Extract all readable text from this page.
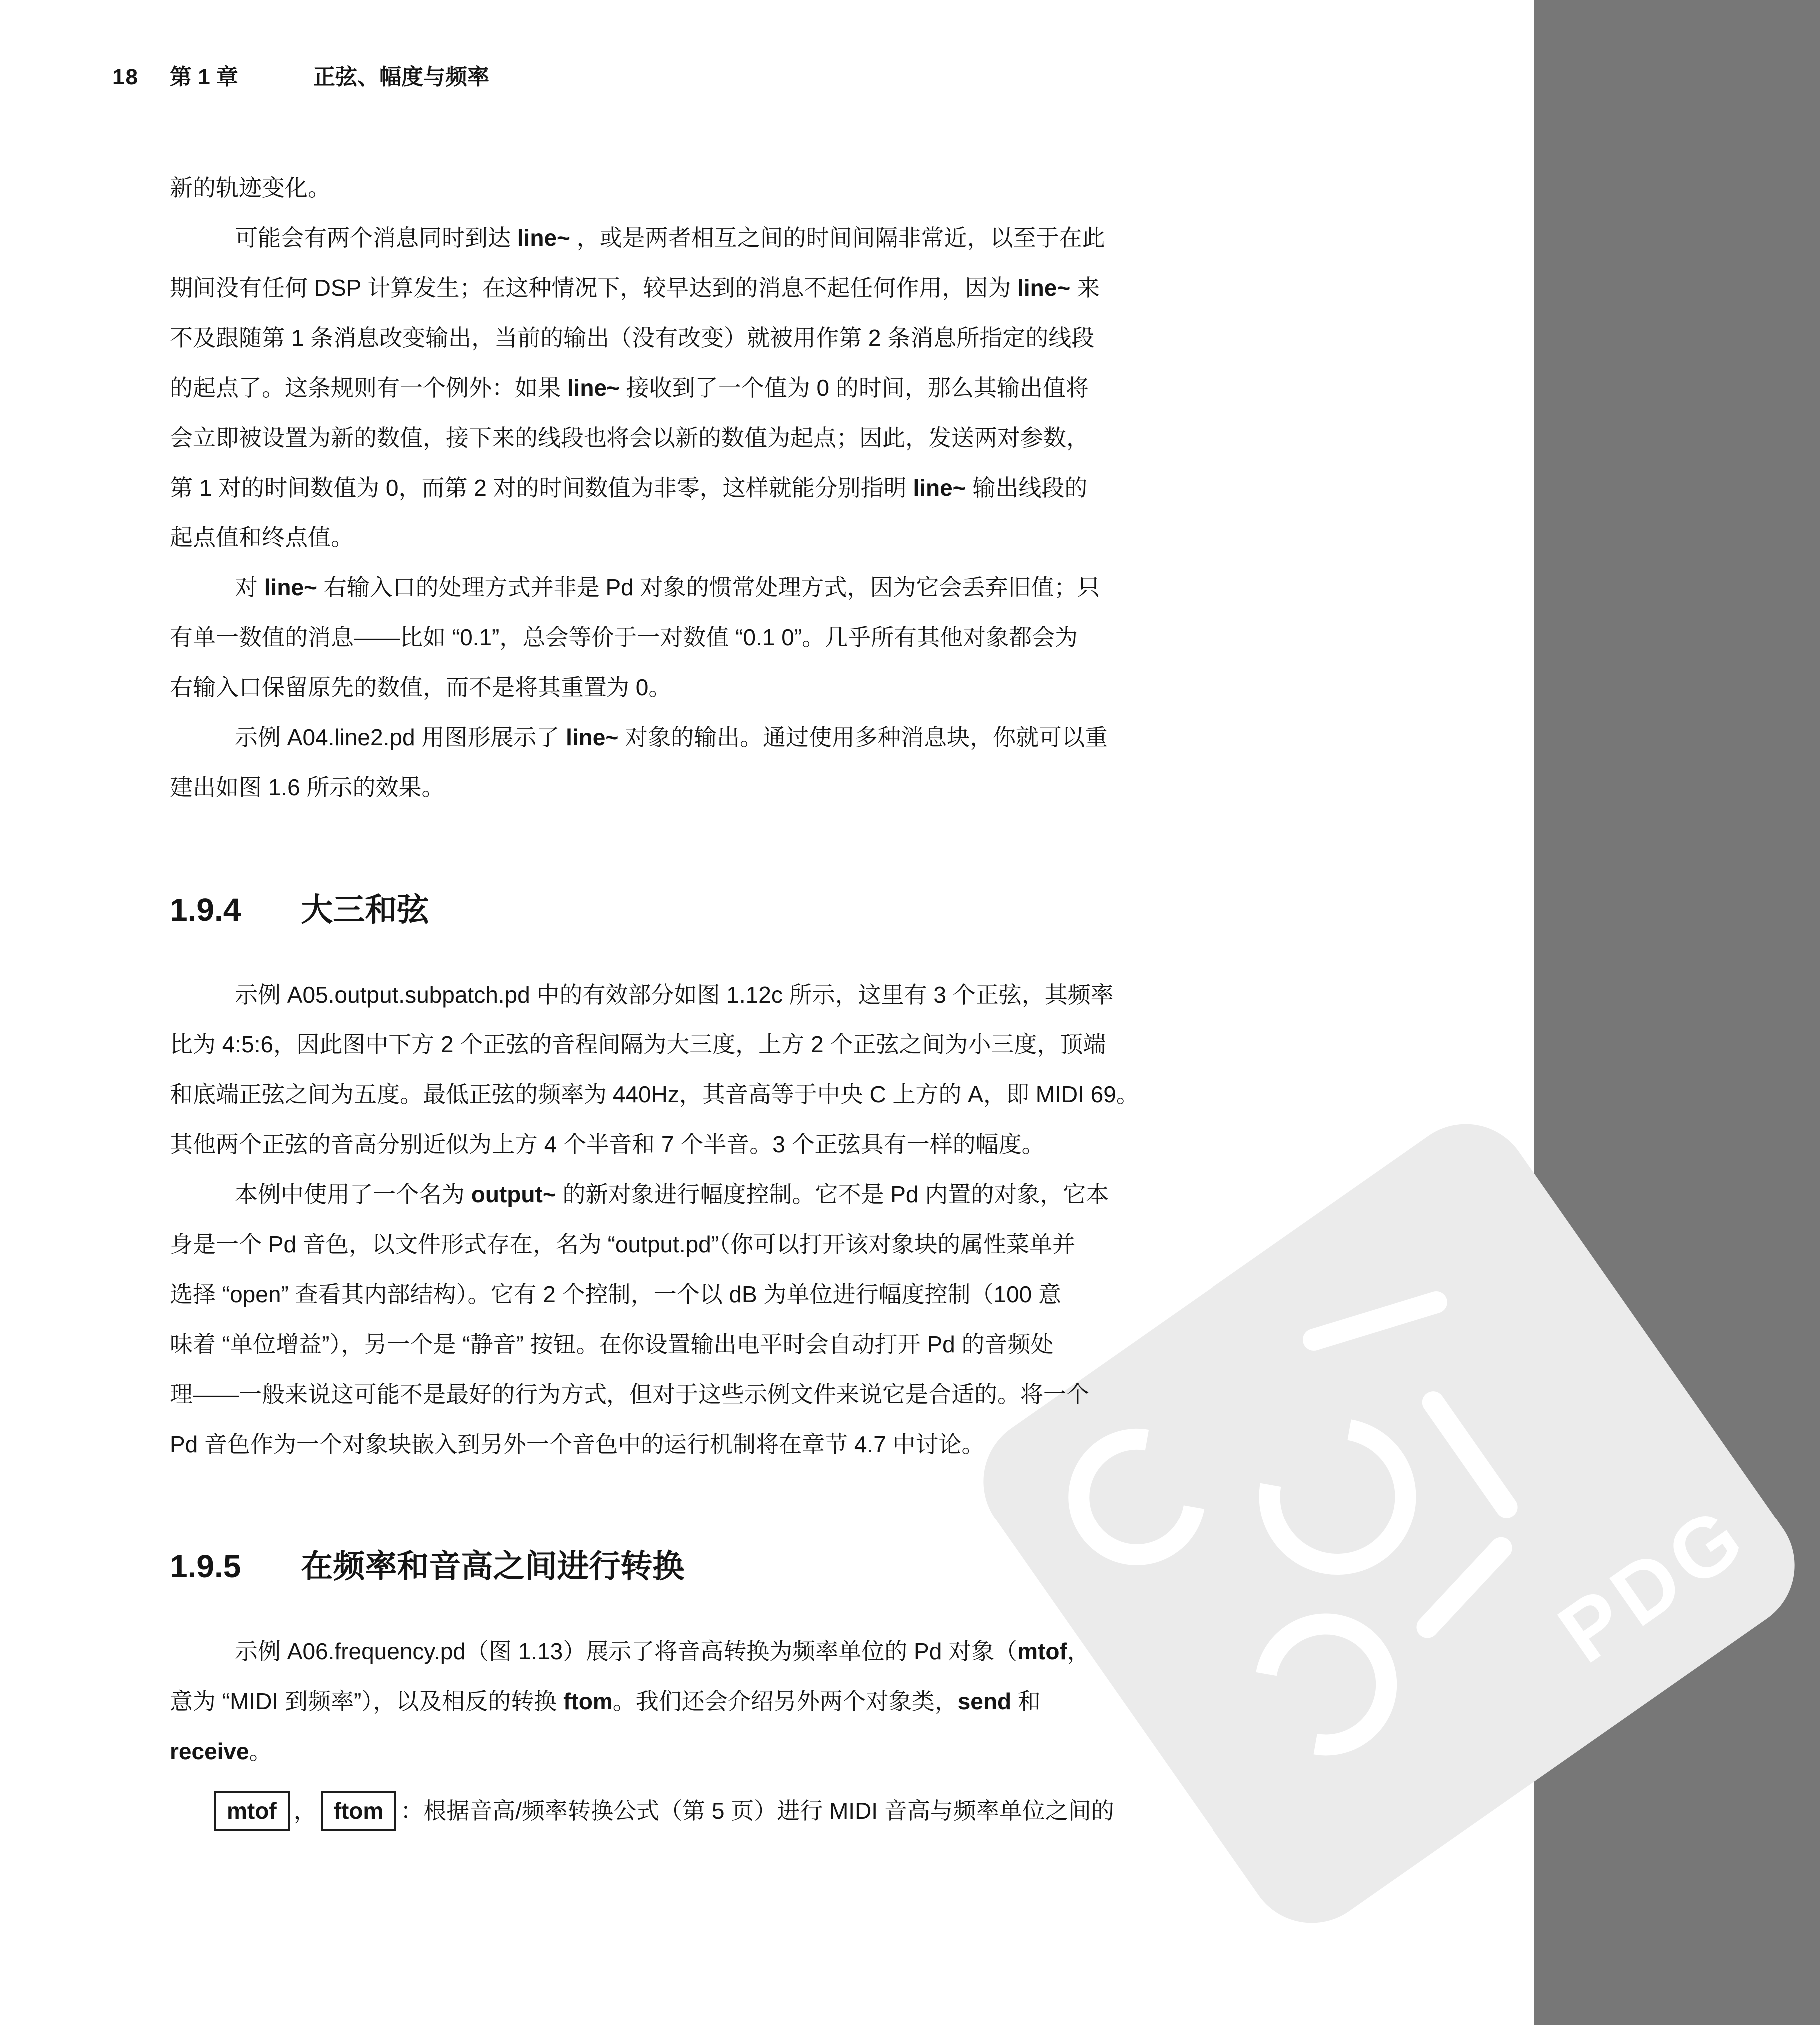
PDG
18 第 1 章	正弦、幅度与频率
新的轨迹变化。
可能会有两个消息同时到达 line~ ，或是两者相互之间的时间间隔非常近，以至于在此
期间没有任何 DSP 计算发生；在这种情况下，较早达到的消息不起任何作用，因为 line~ 来
不及跟随第 1 条消息改变输出，当前的输出（没有改变）就被用作第 2 条消息所指定的线段
的起点了。这条规则有一个例外：如果 line~ 接收到了一个值为 0 的时间，那么其输出值将
会立即被设置为新的数值，接下来的线段也将会以新的数值为起点；因此，发送两对参数，
第 1 对的时间数值为 0，而第 2 对的时间数值为非零，这样就能分别指明 line~ 输出线段的
起点值和终点值。
对 line~ 右输入口的处理方式并非是 Pd 对象的惯常处理方式，因为它会丢弃旧值；只
有单一数值的消息——比如 “0.1”，总会等价于一对数值 “0.1 0”。几乎所有其他对象都会为
右输入口保留原先的数值，而不是将其重置为 0。
示例 A04.line2.pd 用图形展示了 line~ 对象的输出。通过使用多种消息块，你就可以重
建出如图 1.6 所示的效果。
1.9.4 大三和弦
示例 A05.output.subpatch.pd 中的有效部分如图 1.12c 所示，这里有 3 个正弦，其频率
比为 4:5:6，因此图中下方 2 个正弦的音程间隔为大三度，上方 2 个正弦之间为小三度，顶端
和底端正弦之间为五度。最低正弦的频率为 440Hz，其音高等于中央 C 上方的 A，即 MIDI 69。
其他两个正弦的音高分别近似为上方 4 个半音和 7 个半音。3 个正弦具有一样的幅度。
本例中使用了一个名为 output~ 的新对象进行幅度控制。它不是 Pd 内置的对象，它本
身是一个 Pd 音色，以文件形式存在，名为 “output.pd”（你可以打开该对象块的属性菜单并
选择 “open” 查看其内部结构）。它有 2 个控制，一个以 dB 为单位进行幅度控制（100 意
味着 “单位增益”），另一个是 “静音” 按钮。在你设置输出电平时会自动打开 Pd 的音频处
理——一般来说这可能不是最好的行为方式，但对于这些示例文件来说它是合适的。将一个
Pd 音色作为一个对象块嵌入到另外一个音色中的运行机制将在章节 4.7 中讨论。
1.9.5 在频率和音高之间进行转换
示例 A06.frequency.pd（图 1.13）展示了将音高转换为频率单位的 Pd 对象（mtof，
意为 “MIDI 到频率”），以及相反的转换 ftom。我们还会介绍另外两个对象类，send 和
receive。
mtof ， ftom ：根据音高/频率转换公式（第 5 页）进行 MIDI 音高与频率单位之间的
